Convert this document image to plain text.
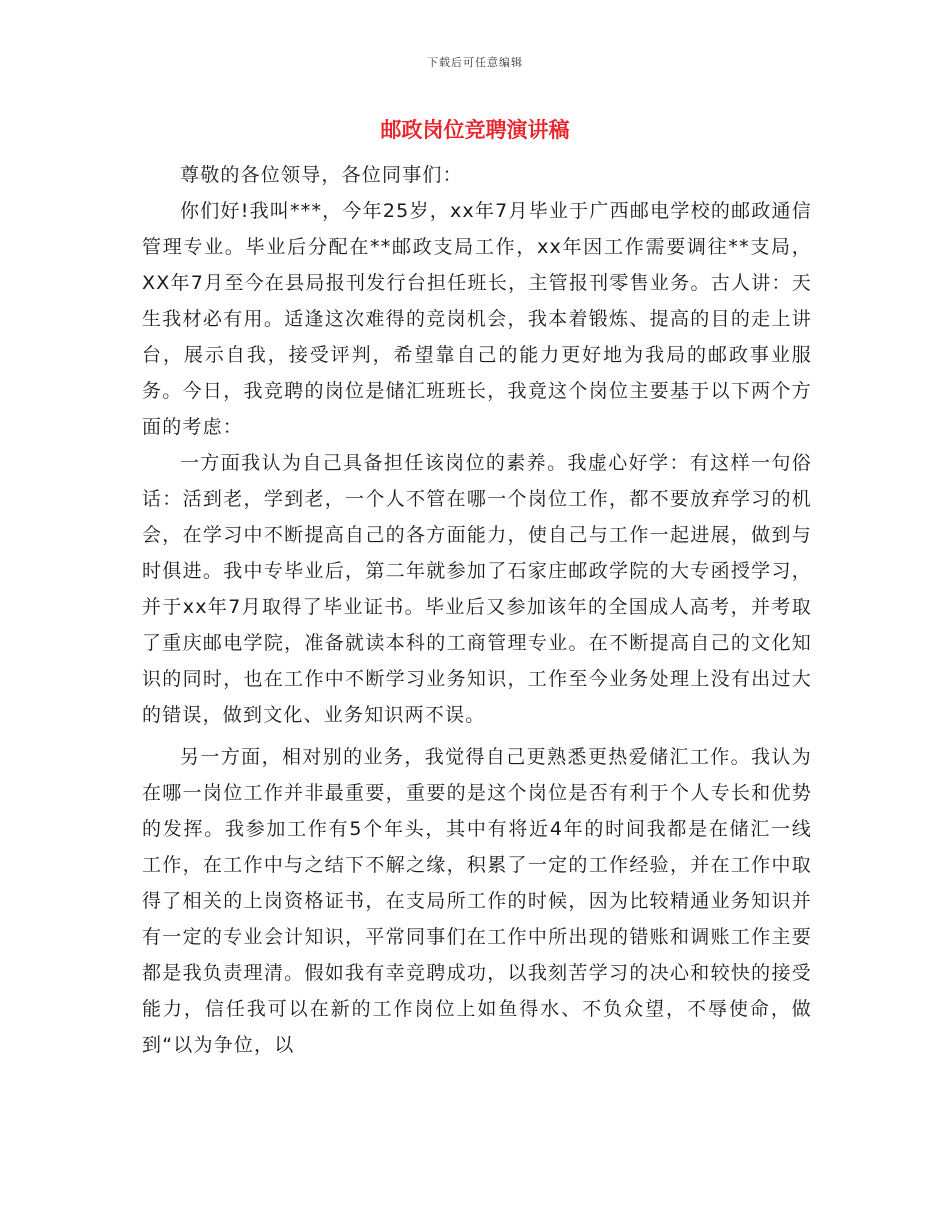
下载后可任意编辑
邮政岗位竞聘演讲稿

尊敬的各位领导，各位同事们：

你们好!我叫***，今年25岁，xx年7月毕业于广西邮电学校的邮政通信管理专业。毕业后分配在**邮政支局工作，xx年因工作需要调往**支局，XX年7月至今在县局报刊发行台担任班长，主管报刊零售业务。古人讲：天生我材必有用。适逢这次难得的竞岗机会，我本着锻炼、提高的目的走上讲台，展示自我，接受评判，希望靠自己的能力更好地为我局的邮政事业服务。今日，我竞聘的岗位是储汇班班长，我竟这个岗位主要基于以下两个方面的考虑：

一方面我认为自己具备担任该岗位的素养。我虚心好学：有这样一句俗话：活到老，学到老，一个人不管在哪一个岗位工作，都不要放弃学习的机会，在学习中不断提高自己的各方面能力，使自己与工作一起进展，做到与时俱进。我中专毕业后，第二年就参加了石家庄邮政学院的大专函授学习，并于xx年7月取得了毕业证书。毕业后又参加该年的全国成人高考，并考取了重庆邮电学院，准备就读本科的工商管理专业。在不断提高自己的文化知识的同时，也在工作中不断学习业务知识，工作至今业务处理上没有出过大的错误，做到文化、业务知识两不误。

另一方面，相对别的业务，我觉得自己更熟悉更热爱储汇工作。我认为在哪一岗位工作并非最重要，重要的是这个岗位是否有利于个人专长和优势的发挥。我参加工作有5个年头，其中有将近4年的时间我都是在储汇一线工作，在工作中与之结下不解之缘，积累了一定的工作经验，并在工作中取得了相关的上岗资格证书，在支局所工作的时候，因为比较精通业务知识并有一定的专业会计知识，平常同事们在工作中所出现的错账和调账工作主要都是我负责理清。假如我有幸竞聘成功，以我刻苦学习的决心和较快的接受能力，信任我可以在新的工作岗位上如鱼得水、不负众望，不辱使命，做到“以为争位，以
